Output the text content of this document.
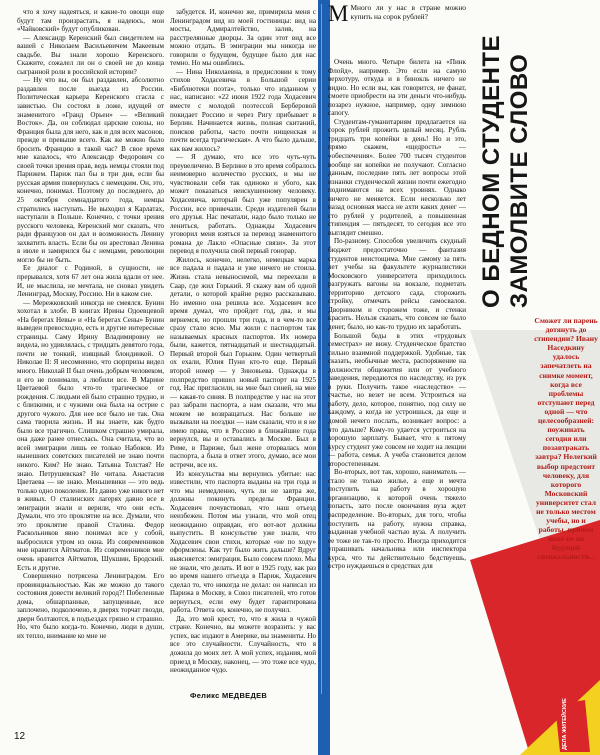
что я хочу надеяться, и какие-то овощи еще будут там произрастать, я надеюсь, мои «Чайковский» будут опубликован.

— Александр Керенский был свидетелем на вашей с Николаем Васильевичем Макеевым свадьбе. Вы знали хорошо Керенского. Скажите, сожалел ли он о своей не до конца сыгранной роли в российской истории?

— Ну что вы, он был раздавлен, абсолютно раздавлен после выезда из России. Политическая карьера Керенского сгасла с завистью. Он состоял в ложе, идущей от знаменитого «Гранд Орьен» — «Великий Восток». Да, он соблюдал царские союзы, но Франция была для него, как и для всех масонов, прежде и превыше всего. Как же можно было бросить Францию в такой час? В свое время мне казалось, что Александр Федорович со своей точки зрения прав, ведь немцы стояли под Парижем. Париж пал бы в три дня, если бы русская армия повернулась с немецким. Он, это, конечно, понимал. Поэтому до последнего, до 25 октября семнадцатого года, немцы стратились наступать. Не выходил я Карлатах, наступали в Польше. Конечно, с точки зрения русского человека, Керенский мог сказать, что ради французов он дал и возможность Ленину захватить власть. Если бы он арестовал Ленина в июле и замирился бы с немцами, революции могло бы не быть.

Ее диалог с Родиной, в сущности, не прерывался, хотя 67 лет она жила вдали от нее. И, не мыслила, не мечтала, не сновал увидеть Ленинград, Москву, Россию. Ни в каком сне.

— Мережковский никогда не смеялся. Бунин хохотал в злобе. В книгах Ирины Одоевцевой «На берегах Невы» и «На берегах Сены» Бунин выведен превосходно, есть и другие интересные страницы. Саму Ирину Владимировну не видела, но удивлялась, с тридцать девятого года, почти не тонкий, изящный блондинкой. О Николае II: Я несомненно, что сюрпризы видел много. Николай II был очень добрым человеком, и его не понимали, а любили все. В Марине Цветаевой было что-то трагическое от рождения. С людьми ей было страшно трудно, и с близкими, и с чужими она была на острие с другого чужого. Для нее все было не так. Она сама творила жизнь. И вы знаете, как будто было все трагично. Слишком страшно умирала, она даже ранее отнеслась. Она считала, что во всей эмиграции лишь ее только Набоков. Из нынешних советских писателей не знаю почти никого. Ким? Не знаю. Татьяна Толстая? Не знаю. Петрушевская? Не читала. Анастасия Цветаева — не знаю. Меньшевики — это ведь только одно поколение. Из давно уже никого нет в живых. О сталинских лагерях давно все в эмиграции знали и верили, что они есть. Думали, что это проклятие на все. Думали, что это проклятие правой Сталина. Федор Раскольников явно понимал все у собой, выбросился утром из окна. Из современников мне нравится Айтматов. Из современников мне очень нравится Айтматов, Шукшин, Бродский. Есть и другие.

Совершенно потрясена Ленинградом. Его провинциальностью. Как же можно до такого состояния довести великий город?! Побеленные дома, обшарпанные, запущенные, все заплочено, подколочено, в дверях торчат гвозди, двери болтаются, в подъездах грязно и страшно. Но, что было когда-то. Конечно, люди в души, их тепло, внимание ко мне не

забудется. И, конечно же, примирила меня с Ленинградом вид из моей гостиницы: вид на мосты, Адмиралтейство, залив, на расстрелянные дворцы. За один этот вид все можно отдать. В эмиграции мы никогда не говорили о будущем, будущее было для нас темно. Но мы ошиблись.

— Нина Николаевна, в предисловии к тому стихов Ходасевича в Большой серии «Библиотеки поэта», только что изданном у нас, написано: «22 июня 1922 года Ходасевич вместе с молодой поэтессой Берберовой покидает Россию и через Ригу прибывает в Берлин. Начинается жизнь, полная скитаний, поисков работы, часто почти нищенская и почти всегда трагическая». А что было дальше, как вам жилось?

— Я думаю, что все это чуть-чуть преувеличено. В Берлине в это время собралось неимоверно количество русских, и мы не чувствовали себя так одиноко и убого, как может показаться неискушенному человеку. Ходасевича, который был уже популярен в России, все привечали. Среди издателей были его друзья. Нас печатали, надо было только не лениться, работать. Однажды Ходасевич уговорил меня взяться за перевод знаменитого романа де Лакло «Опасные связи». За этот перевод я получила свой первый гонорар.

Жилось, конечно, нелегко, немецкая марка все падала и падала и уже ничего не стоила. Жизнь стала невыносимой, мы переехали в Саар, где жил Горький. Я скажу вам об одной детали, о которой крайне редко рассказываю. Но именно она решила все. Ходасевич все время думал, что пройдет год, два, и мы вернемся, но прошли три года, и в чем-то все сразу стало ясно. Мы жили с паспортом так называемых красных паспортов. Их номера были, кажется, пятнадцатый и шестнадцатый. Первый второй был Горьким. Один четвертый ох ехали, Юлия Пуни кто-то еще. Первый второй номер — у Зиновьева. Однажды в полпредство пришел новый паспорт на 1925 год. Нас пригласили, на мне был синей, на мне — какая-то синяя. В полпредстве у нас на этот раз забрали паспорта, а нам сказали, что мы можем не возвращаться. Нас больше не вызывали на поездки — нам сказали, что и я не имею права, что в Россию в ближайшие года вернулся, вы и оставались в Москве. Был в Риме, в Париже, был жене оторвалась мои паспорта, а была в ответ этого, думаю, все мои встречи, все их.

Из консульства мы вернулись убитые: нас известили, что паспорта выданы на три года и что мы немедленно, чуть ли не завтра же, должны покинуть пределы Франции. Ходасевич почувствовал, что наш отъезд неизбежен. Потом мы узнали, что мой отец неожиданно оправдан, его вот-вот должны выпустить. В консульстве уже знали, что Ходасевич свои стихи, которые «не по ходу» оформлены. Как тут было жить дальше? Вдруг выясняется: эмиграция. Было совсем плохо. Мы не знали, что делать. И вот в 1925 году, как раз во время нашего отъезда в Париж, Ходасевич сделал то, что никогда не делал: он написал из Парижа в Москву, в Союз писателей, что готов вернуться, если ему будет гарантирована работа. Ответа он, конечно, не получил.

Да, это мой крест, то, что я жила в чужой стране. Конечно, вы можете возразить: у вас успех, вас издают в Америке, вы знамениты. Но все это случайности. Случайность, что я дожила до моих лет. А мой успех, издания, мой приезд в Москву, наконец, — это тоже все чудо, неожиданное чудо.

Феликс МЕДВЕДЕВ
М Много ли у нас в стране можно купить на сорок рублей?

Очень много. Четыре билета на «Пинк Флойд», например. Это если на самую верхотуру, откуда и в бинокль ничего не видно. Но если вы, как говорится, не фанат, смоете приобрести на эти деньги что-нибудь позарез нужное, например, одну зимнюю сапогу.

Студентам-гуманитариям предлагается на сорок рублей прожить целый месяц. Рубль тридцать три копейки в день! Но и это, прямо скажем, «щедрость» — «обеспечения». Более 700 тысяч студентов вообще ни копейки не получают. Согласно данным, последние пять лет вопросы этой изнанки студенческой жизни почти ежегодно поднимаются на всех уровнях. Однако ничего не меняется. Если несколько лет назад основная масса не ахти каких денег — сто рублей у родителей, а повышенная стипендия — пятьдесят, то сегодня все это выглядит смешно.

По-разному. Способов увеличить скудный бюджет предостаточно — фантазия студентов неистощима. Мне самому за пять лет учебы на факультете журналистики Московского университета приходилось разгружать вагоны на вокзале, подметать территорию детского сада, сторожить стройку, отмечать рейсы самосвалов. Дворником и сторожем тоже, и стенки красить. Нельзя сказать, что совсем не было денег, было, но как-то трудно их заработать.

Большой беды в этих «трудовых семестрах» не вижу. Студенческое братство сильно взаимной поддержкой. Удобные, так сказать, необычные места, распоряжение на должности общежития или от учебного заведения, передаются по наследству, из рук в руки. Получить такое «наследство» — счастье, но везет не всем. Устроиться на работу, дело, которое, понятно, под силу не каждому, а когда не устроишься, да еще и домой нечего послать, возникает вопрос: а что дальше? Кому-то удается устроиться на хорошую зарплату. Бывает, что к пятому курсу студент уже совсем не ходит на лекции — работа, семья. А учеба становится делом второстепенным.

Во-вторых, вот так, хорошо, наниматель — стало не только жилье, а еще и мечта поступить на работу в хорошую организацию, к которой очень тяжело попасть, зато после окончания вуза ждет распределение. Во-вторых, для того, чтобы поступить на работу, нужна справка, выданная учебной частью вуза. А получить ее тоже не так-то просто. Иногда приходится упрашивать начальника или инспектора курса, что ты действительно бедствуешь, остро нуждаешься в средствах для

О БЕДНОМ СТУДЕНТЕ ЗАМОЛВИТЕ СЛОВО
Сможет ли парень дотянуть до стипендии? Ивану Наседкину удалось запечатлеть на снимке момент, когда все проблемы отступают перед одной — что целесообразней: поужинать сегодня или позавтракать завтра? Нелегкий выбор предстоит человеку, для которого Московский университет стал не только местом учебы, но и работы, причем явно не по будущей специальности...
ДЕЛА ЖИТЕЙСКИЕ
12
